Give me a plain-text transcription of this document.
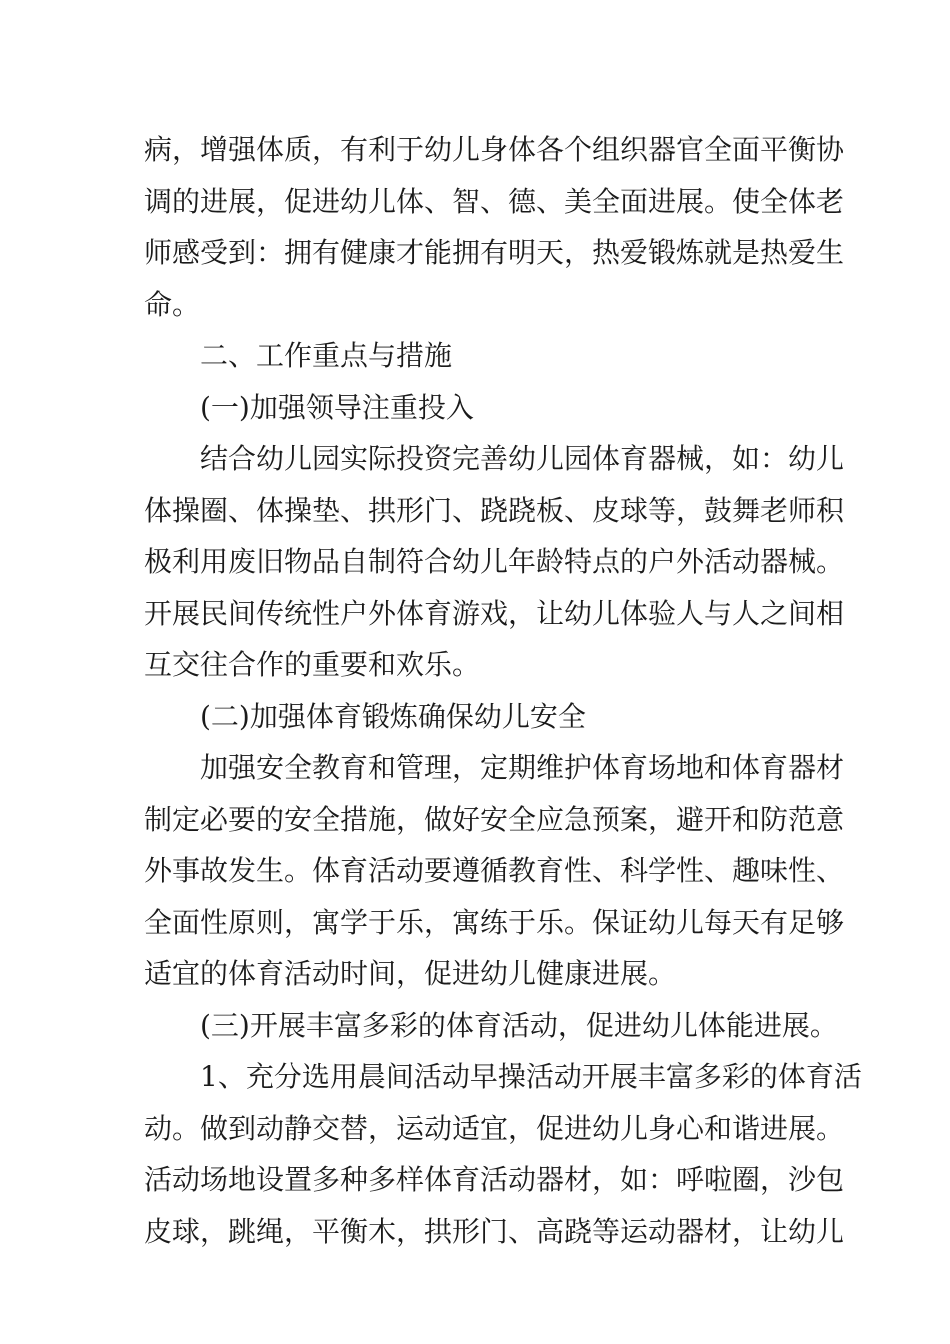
病，增强体质，有利于幼儿身体各个组织器官全面平衡协
调的进展，促进幼儿体、智、德、美全面进展。使全体老
师感受到：拥有健康才能拥有明天，热爱锻炼就是热爱生
命。
二、工作重点与措施
(一)加强领导注重投入
结合幼儿园实际投资完善幼儿园体育器械，如：幼儿
体操圈、体操垫、拱形门、跷跷板、皮球等，鼓舞老师积
极利用废旧物品自制符合幼儿年龄特点的户外活动器械。
开展民间传统性户外体育游戏，让幼儿体验人与人之间相
互交往合作的重要和欢乐。
(二)加强体育锻炼确保幼儿安全
加强安全教育和管理，定期维护体育场地和体育器材
制定必要的安全措施，做好安全应急预案，避开和防范意
外事故发生。体育活动要遵循教育性、科学性、趣味性、
全面性原则，寓学于乐，寓练于乐。保证幼儿每天有足够
适宜的体育活动时间，促进幼儿健康进展。
(三)开展丰富多彩的体育活动，促进幼儿体能进展。
1、充分选用晨间活动早操活动开展丰富多彩的体育活
动。做到动静交替，运动适宜，促进幼儿身心和谐进展。
活动场地设置多种多样体育活动器材，如：呼啦圈，沙包
皮球，跳绳，平衡木，拱形门、高跷等运动器材，让幼儿
